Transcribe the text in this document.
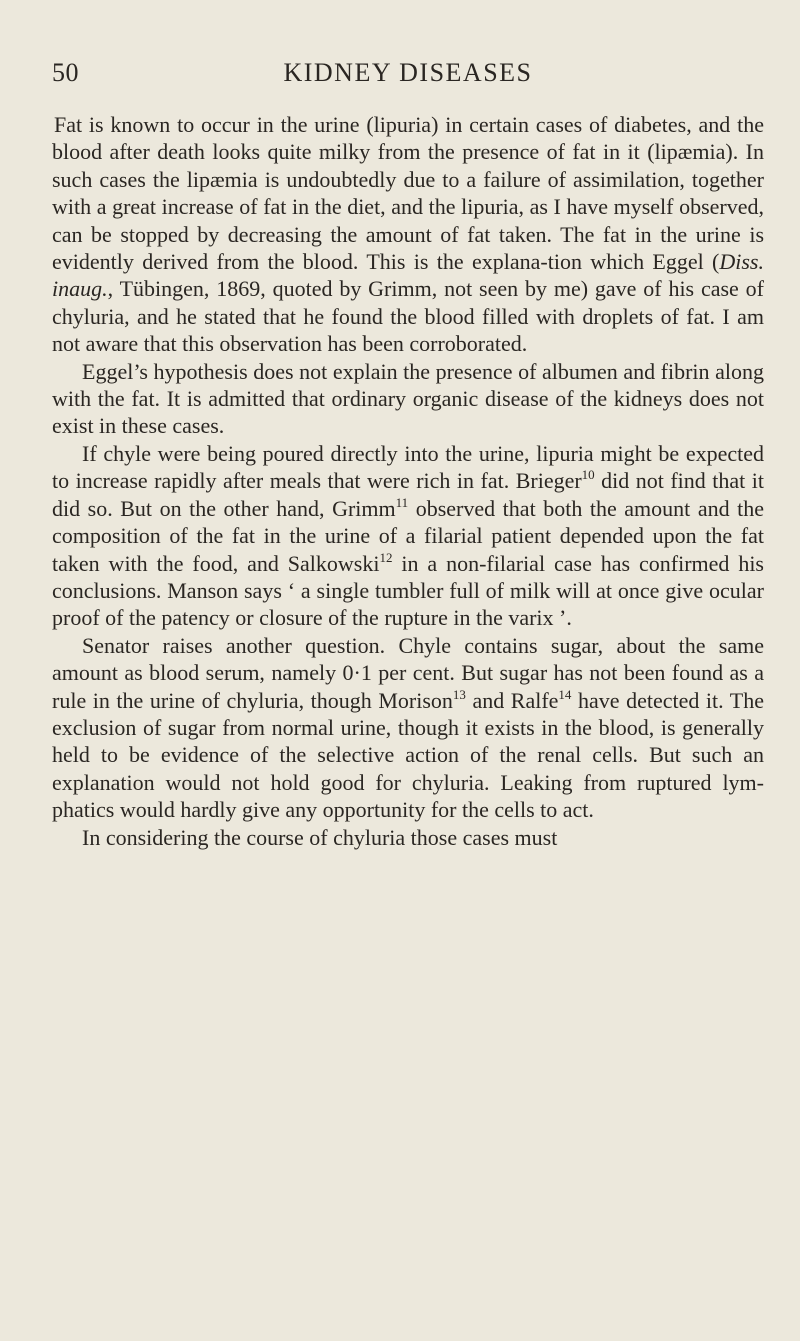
50	KIDNEY DISEASES

Fat is known to occur in the urine (lipuria) in certain cases of diabetes, and the blood after death looks quite milky from the presence of fat in it (lipæmia). In such cases the lipæmia is undoubtedly due to a failure of assimilation, together with a great increase of fat in the diet, and the lipuria, as I have myself observed, can be stopped by decreasing the amount of fat taken. The fat in the urine is evidently derived from the blood. This is the explana-tion which Eggel (Diss. inaug., Tübingen, 1869, quoted by Grimm, not seen by me) gave of his case of chyluria, and he stated that he found the blood filled with droplets of fat. I am not aware that this observation has been corroborated.

Eggel’s hypothesis does not explain the presence of albumen and fibrin along with the fat. It is admitted that ordinary organic disease of the kidneys does not exist in these cases.

If chyle were being poured directly into the urine, lipuria might be expected to increase rapidly after meals that were rich in fat. Brieger$^{10}$ did not find that it did so. But on the other hand, Grimm$^{11}$ observed that both the amount and the composition of the fat in the urine of a filarial patient depended upon the fat taken with the food, and Salkowski$^{12}$ in a non-filarial case has confirmed his conclusions. Manson says ‘ a single tumbler full of milk will at once give ocular proof of the patency or closure of the rupture in the varix ’.

Senator raises another question. Chyle contains sugar, about the same amount as blood serum, namely 0·1 per cent. But sugar has not been found as a rule in the urine of chyluria, though Morison$^{13}$ and Ralfe$^{14}$ have detected it. The exclusion of sugar from normal urine, though it exists in the blood, is generally held to be evidence of the selective action of the renal cells. But such an explanation would not hold good for chyluria. Leaking from ruptured lym-phatics would hardly give any opportunity for the cells to act.

In considering the course of chyluria those cases must
